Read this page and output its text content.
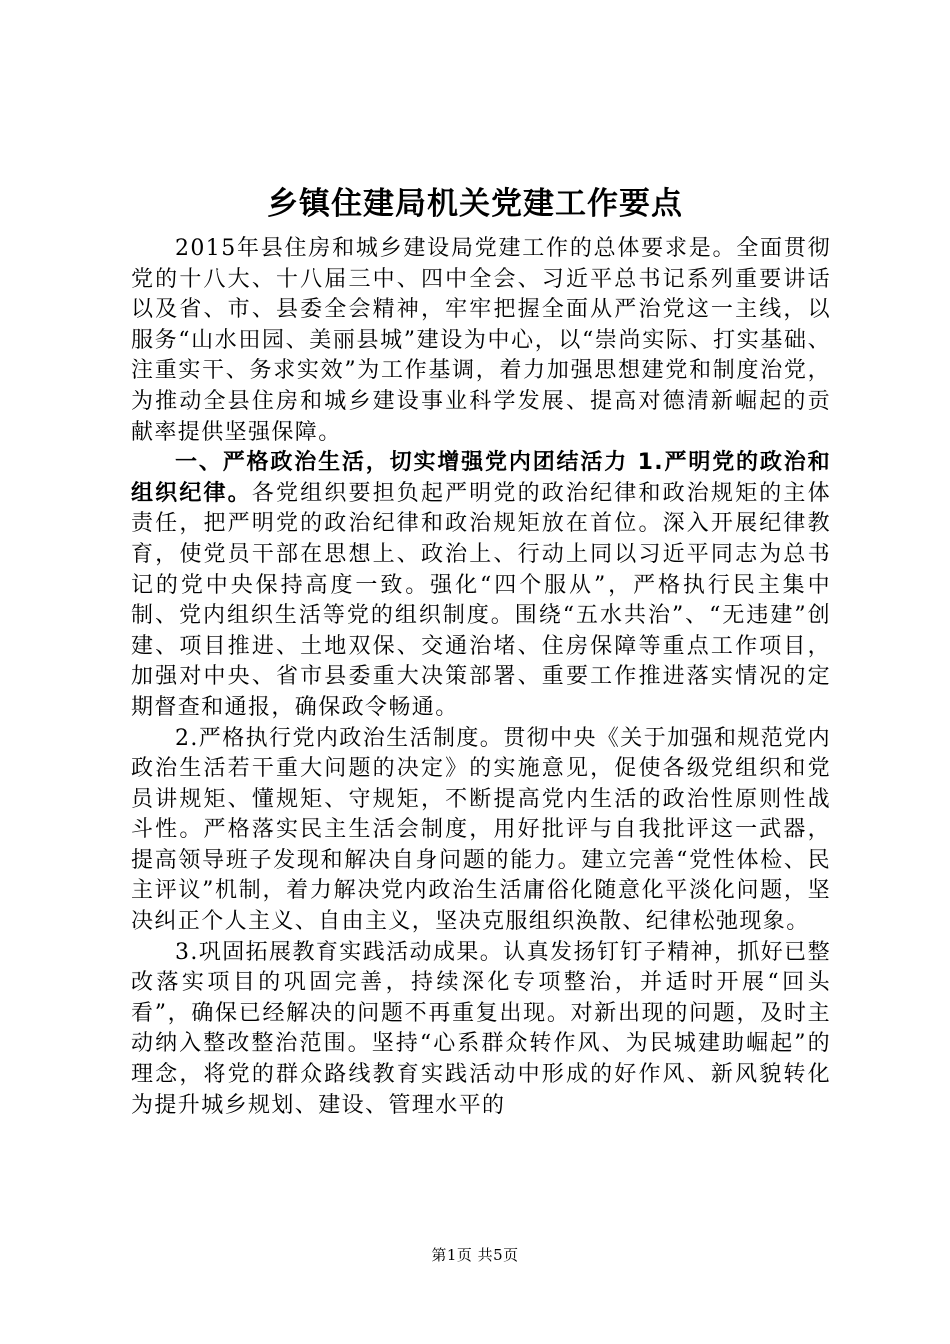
乡镇住建局机关党建工作要点

2015年县住房和城乡建设局党建工作的总体要求是。全面贯彻党的十八大、十八届三中、四中全会、习近平总书记系列重要讲话以及省、市、县委全会精神，牢牢把握全面从严治党这一主线，以服务“山水田园、美丽县城”建设为中心，以“崇尚实际、打实基础、注重实干、务求实效”为工作基调，着力加强思想建党和制度治党，为推动全县住房和城乡建设事业科学发展、提高对德清新崛起的贡献率提供坚强保障。

一、严格政治生活，切实增强党内团结活力 1.严明党的政治和组织纪律。各党组织要担负起严明党的政治纪律和政治规矩的主体责任，把严明党的政治纪律和政治规矩放在首位。深入开展纪律教育，使党员干部在思想上、政治上、行动上同以习近平同志为总书记的党中央保持高度一致。强化“四个服从”，严格执行民主集中制、党内组织生活等党的组织制度。围绕“五水共治”、“无违建”创建、项目推进、土地双保、交通治堵、住房保障等重点工作项目，加强对中央、省市县委重大决策部署、重要工作推进落实情况的定期督查和通报，确保政令畅通。

2.严格执行党内政治生活制度。贯彻中央《关于加强和规范党内政治生活若干重大问题的决定》的实施意见，促使各级党组织和党员讲规矩、懂规矩、守规矩，不断提高党内生活的政治性原则性战斗性。严格落实民主生活会制度，用好批评与自我批评这一武器，提高领导班子发现和解决自身问题的能力。建立完善“党性体检、民主评议”机制，着力解决党内政治生活庸俗化随意化平淡化问题，坚决纠正个人主义、自由主义，坚决克服组织涣散、纪律松弛现象。

3.巩固拓展教育实践活动成果。认真发扬钉钉子精神，抓好已整改落实项目的巩固完善，持续深化专项整治，并适时开展“回头看”，确保已经解决的问题不再重复出现。对新出现的问题，及时主动纳入整改整治范围。坚持“心系群众转作风、为民城建助崛起”的理念，将党的群众路线教育实践活动中形成的好作风、新风貌转化为提升城乡规划、建设、管理水平的

第1页 共5页
